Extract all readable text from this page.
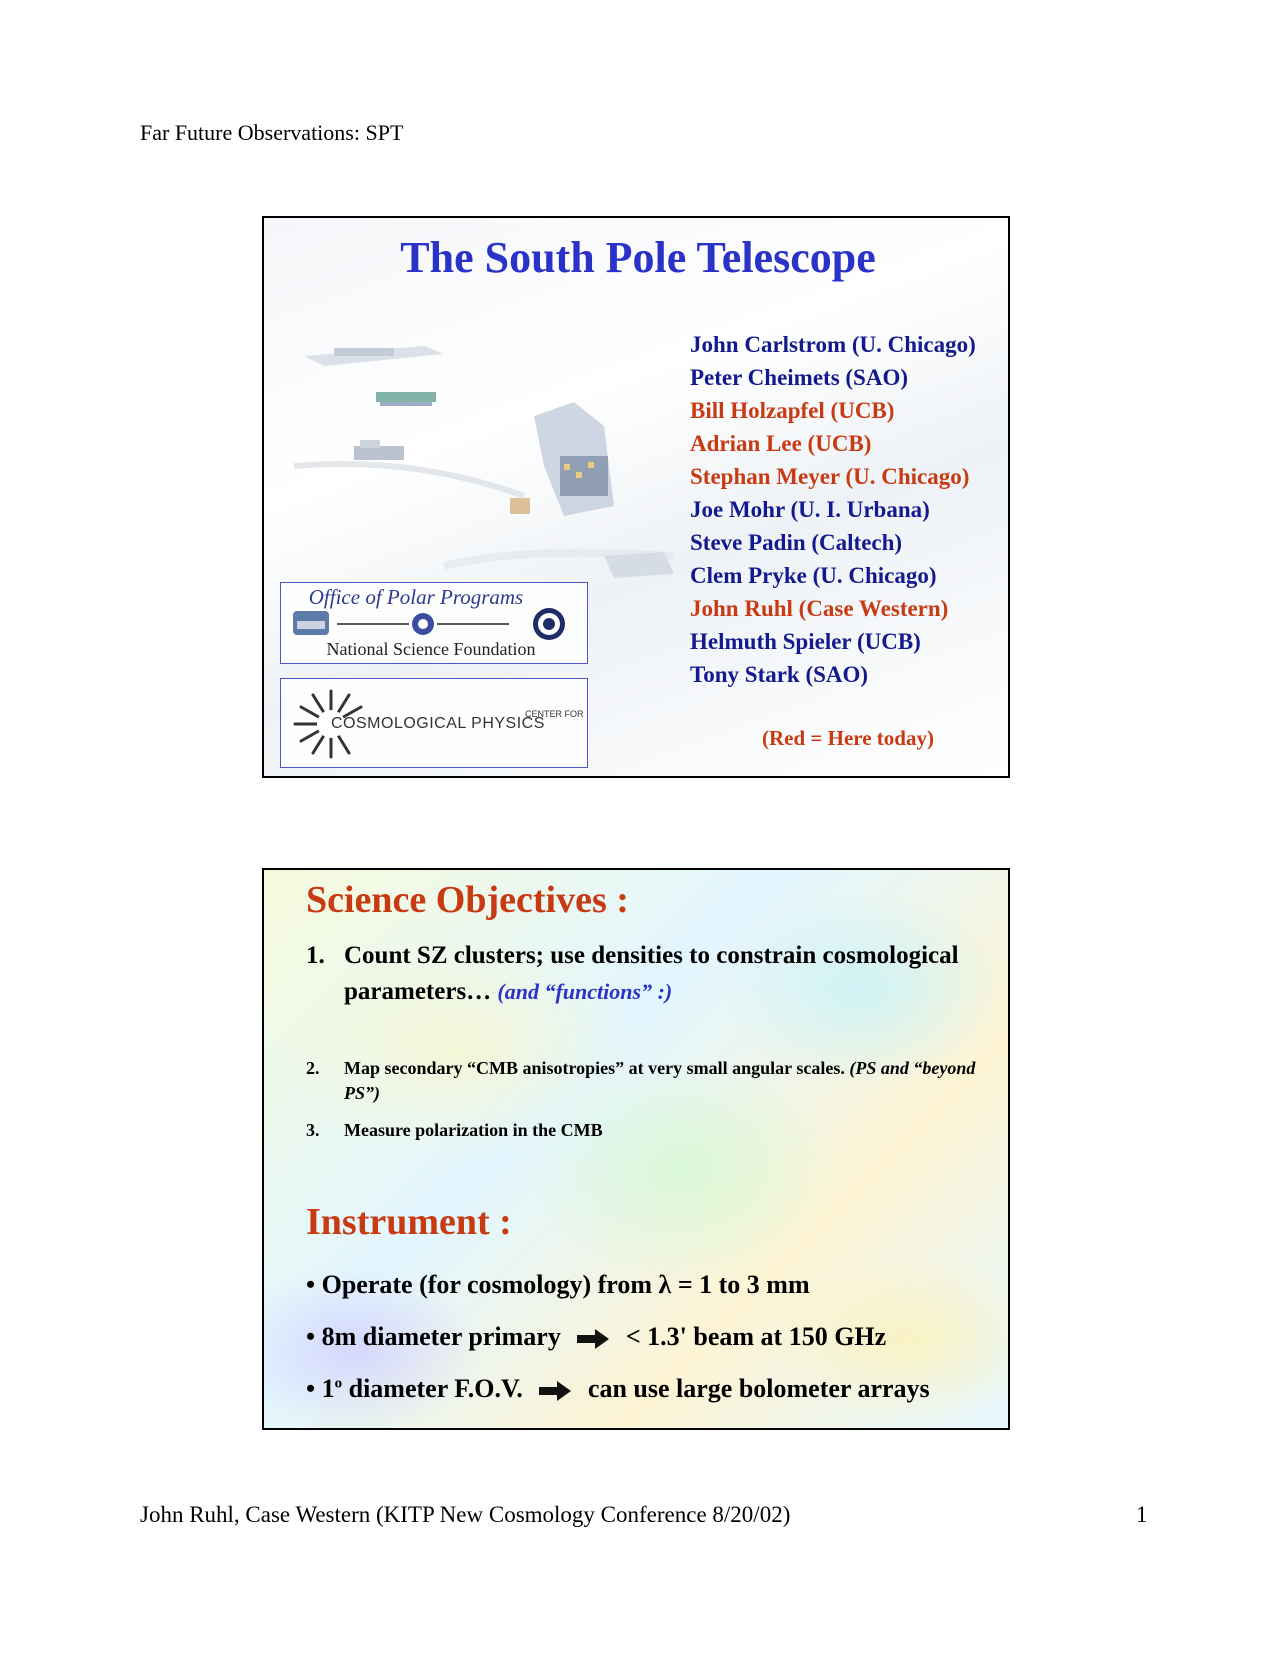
Far Future Observations: SPT
The South Pole Telescope
John Carlstrom (U. Chicago)
Peter Cheimets (SAO)
Bill Holzapfel (UCB)
Adrian Lee (UCB)
Stephan Meyer (U. Chicago)
Joe Mohr (U. I. Urbana)
Steve Padin (Caltech)
Clem Pryke (U. Chicago)
John Ruhl (Case Western)
Helmuth Spieler (UCB)
Tony Stark (SAO)
(Red = Here today)
Office of Polar Programs
National Science Foundation
CENTER FOR
COSMOLOGICAL PHYSICS
Science Objectives :
1. Count SZ clusters; use densities to constrain cosmological parameters… (and “functions” :)
2. Map secondary “CMB anisotropies” at very small angular scales. (PS and “beyond PS”)
3. Measure polarization in the CMB
Instrument :
• Operate (for cosmology) from λ = 1 to 3 mm
• 8m diameter primary	< 1.3' beam at 150 GHz
• 1$^o$ diameter F.O.V.	can use large bolometer arrays
John Ruhl, Case Western (KITP New Cosmology Conference 8/20/02)	1
